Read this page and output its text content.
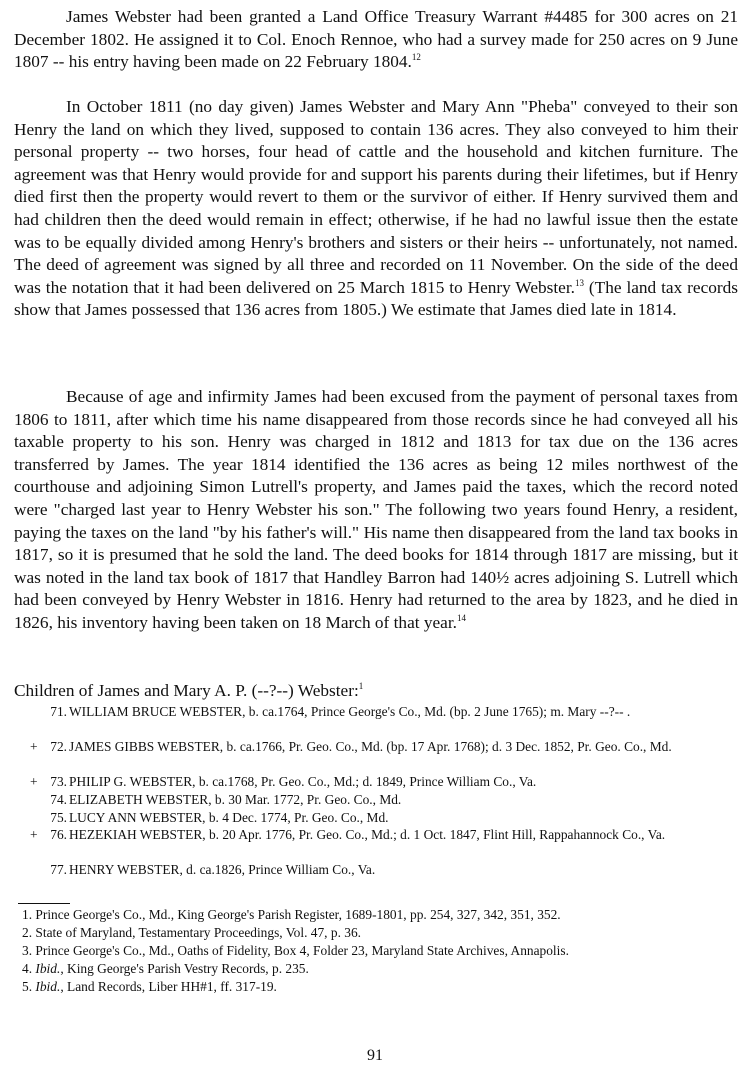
James Webster had been granted a Land Office Treasury Warrant #4485 for 300 acres on 21 December 1802. He assigned it to Col. Enoch Rennoe, who had a survey made for 250 acres on 9 June 1807 -- his entry having been made on 22 February 1804.12

In October 1811 (no day given) James Webster and Mary Ann "Pheba" conveyed to their son Henry the land on which they lived, supposed to contain 136 acres. They also conveyed to him their personal property -- two horses, four head of cattle and the household and kitchen furniture. The agreement was that Henry would provide for and support his parents during their lifetimes, but if Henry died first then the property would revert to them or the survivor of either. If Henry survived them and had children then the deed would remain in effect; otherwise, if he had no lawful issue then the estate was to be equally divided among Henry's brothers and sisters or their heirs -- unfortunately, not named. The deed of agreement was signed by all three and recorded on 11 November. On the side of the deed was the notation that it had been delivered on 25 March 1815 to Henry Webster.$^{13}$ (The land tax records show that James possessed that 136 acres from 1805.) We estimate that James died late in 1814.

Because of age and infirmity James had been excused from the payment of personal taxes from 1806 to 1811, after which time his name disappeared from those records since he had conveyed all his taxable property to his son. Henry was charged in 1812 and 1813 for tax due on the 136 acres transferred by James. The year 1814 identified the 136 acres as being 12 miles northwest of the courthouse and adjoining Simon Lutrell's property, and James paid the taxes, which the record noted were "charged last year to Henry Webster his son." The following two years found Henry, a resident, paying the taxes on the land "by his father's will." His name then disappeared from the land tax books in 1817, so it is presumed that he sold the land. The deed books for 1814 through 1817 are missing, but it was noted in the land tax book of 1817 that Handley Barron had 140½ acres adjoining S. Lutrell which had been conveyed by Henry Webster in 1816. Henry had returned to the area by 1823, and he died in 1826, his inventory having been taken on 18 March of that year.$^{14}$

Children of James and Mary A. P. (--?--) Webster:$^1$

71. WILLIAM BRUCE WEBSTER, b. ca.1764, Prince George's Co., Md. (bp. 2 June 1765); m. Mary --?-- .
+ 72. JAMES GIBBS WEBSTER, b. ca.1766, Pr. Geo. Co., Md. (bp. 17 Apr. 1768); d. 3 Dec. 1852, Pr. Geo. Co., Md.
+ 73. PHILIP G. WEBSTER, b. ca.1768, Pr. Geo. Co., Md.; d. 1849, Prince William Co., Va.
74. ELIZABETH WEBSTER, b. 30 Mar. 1772, Pr. Geo. Co., Md.
75. LUCY ANN WEBSTER, b. 4 Dec. 1774, Pr. Geo. Co., Md.
+ 76. HEZEKIAH WEBSTER, b. 20 Apr. 1776, Pr. Geo. Co., Md.; d. 1 Oct. 1847, Flint Hill, Rappahannock Co., Va.
77. HENRY WEBSTER, d. ca.1826, Prince William Co., Va.
1. Prince George's Co., Md., King George's Parish Register, 1689-1801, pp. 254, 327, 342, 351, 352.
2. State of Maryland, Testamentary Proceedings, Vol. 47, p. 36.
3. Prince George's Co., Md., Oaths of Fidelity, Box 4, Folder 23, Maryland State Archives, Annapolis.
4. Ibid., King George's Parish Vestry Records, p. 235.
5. Ibid., Land Records, Liber HH#1, ff. 317-19.
91
